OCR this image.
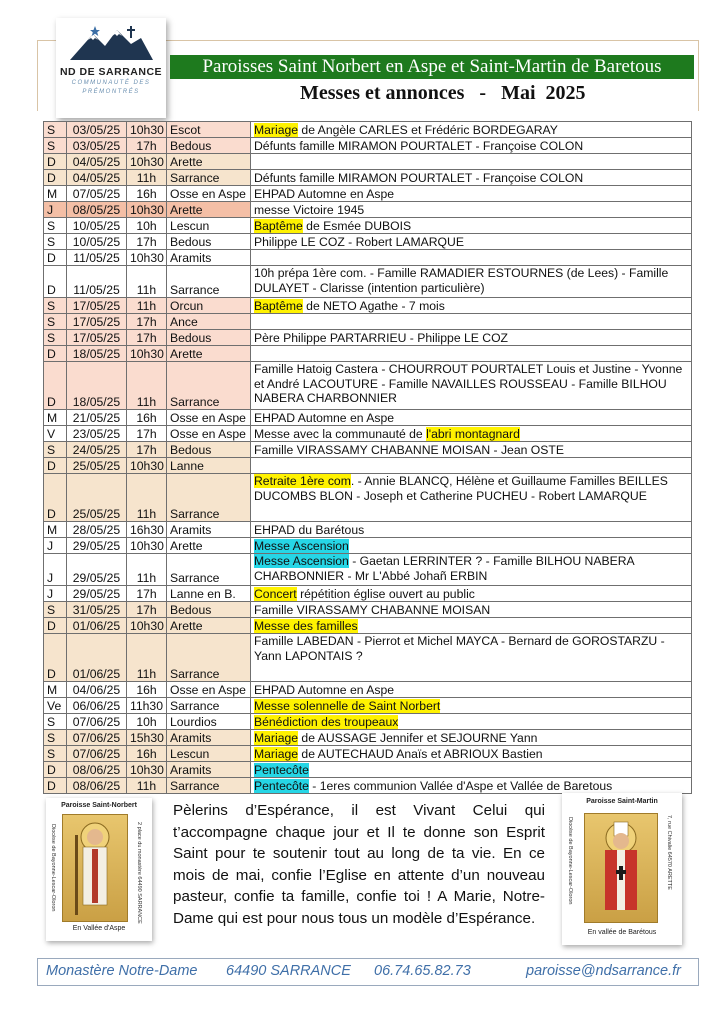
ND DE SARRANCE
COMMUNAUTÉ DES
PRÉMONTRÉS
Paroisses Saint Norbert en Aspe et Saint-Martin de Baretous
Messes et annonces   -   Mai  2025
S	03/05/25	10h30	Escot	Mariage de Angèle CARLES et Frédéric BORDEGARAY
S	03/05/25	17h	Bedous	Défunts famille MIRAMON POURTALET - Françoise COLON
D	04/05/25	10h30	Arette	
D	04/05/25	11h	Sarrance	Défunts famille MIRAMON POURTALET - Françoise COLON
M	07/05/25	16h	Osse en Aspe	EHPAD Automne en Aspe
J	08/05/25	10h30	Arette	messe Victoire 1945
S	10/05/25	10h	Lescun	Baptême de Esmée DUBOIS
S	10/05/25	17h	Bedous	Philippe LE COZ - Robert LAMARQUE
D	11/05/25	10h30	Aramits	
D	11/05/25	11h	Sarrance	10h prépa 1ère com. - Famille RAMADIER ESTOURNES (de Lees) - Famille DULAYET - Clarisse (intention particulière)
S	17/05/25	11h	Orcun	Baptême de NETO Agathe - 7 mois
S	17/05/25	17h	Ance	
S	17/05/25	17h	Bedous	Père Philippe PARTARRIEU - Philippe LE COZ
D	18/05/25	10h30	Arette	
D	18/05/25	11h	Sarrance	Famille Hatoig Castera - CHOURROUT POURTALET Louis et Justine - Yvonne et André LACOUTURE - Famille NAVAILLES ROUSSEAU - Famille BILHOU NABERA CHARBONNIER
M	21/05/25	16h	Osse en Aspe	EHPAD Automne en Aspe
V	23/05/25	17h	Osse en Aspe	Messe avec la communauté de l'abri montagnard
S	24/05/25	17h	Bedous	Famille VIRASSAMY CHABANNE MOISAN - Jean OSTE
D	25/05/25	10h30	Lanne	
D	25/05/25	11h	Sarrance	Retraite 1ère com. - Annie BLANCQ, Hélène et Guillaume Familles BEILLES DUCOMBS BLON - Joseph et Catherine PUCHEU - Robert LAMARQUE
M	28/05/25	16h30	Aramits	EHPAD du Barétous
J	29/05/25	10h30	Arette	Messe Ascension
J	29/05/25	11h	Sarrance	Messe Ascension - Gaetan LERRINTER ? - Famille BILHOU NABERA CHARBONNIER - Mr L'Abbé Johañ ERBIN
J	29/05/25	17h	Lanne en B.	Concert répétition église ouvert au public
S	31/05/25	17h	Bedous	Famille VIRASSAMY CHABANNE MOISAN
D	01/06/25	10h30	Arette	Messe des familles
D	01/06/25	11h	Sarrance	Famille LABEDAN - Pierrot et Michel MAYCA - Bernard de GOROSTARZU - Yann LAPONTAIS ?
M	04/06/25	16h	Osse en Aspe	EHPAD Automne en Aspe
Ve	06/06/25	11h30	Sarrance	Messe solennelle de Saint Norbert
S	07/06/25	10h	Lourdios	Bénédiction des troupeaux
S	07/06/25	15h30	Aramits	Mariage de AUSSAGE Jennifer et SEJOURNE Yann
S	07/06/25	16h	Lescun	Mariage de AUTECHAUD Anaïs et ABRIOUX Bastien
D	08/06/25	10h30	Aramits	Pentecôte
D	08/06/25	11h	Sarrance	Pentecôte - 1eres communion Vallée d'Aspe et Vallée de Baretous
Paroisse Saint-Norbert
Diocèse de Bayonne-Lescar-Oloron	2 place du monastère 64490 SARRANCE
En Vallée d'Aspe
Paroisse Saint-Martin
Diocèse de Bayonne-Lescar-Oloron	7, rue Chivalie 64570 ARETTE
En vallée de Barétous
Pèlerins d’Espérance, il est Vivant Celui qui t’accompagne chaque jour et Il te donne son Esprit Saint pour te soutenir tout au long de ta vie. En ce mois de mai, confie l’Eglise en attente d’un nouveau pasteur, confie ta famille, confie toi ! A Marie, Notre-Dame qui est pour nous tous un modèle d’Espérance.
Monastère Notre-Dame 64490 SARRANCE 06.74.65.82.73	paroisse@ndsarrance.fr
